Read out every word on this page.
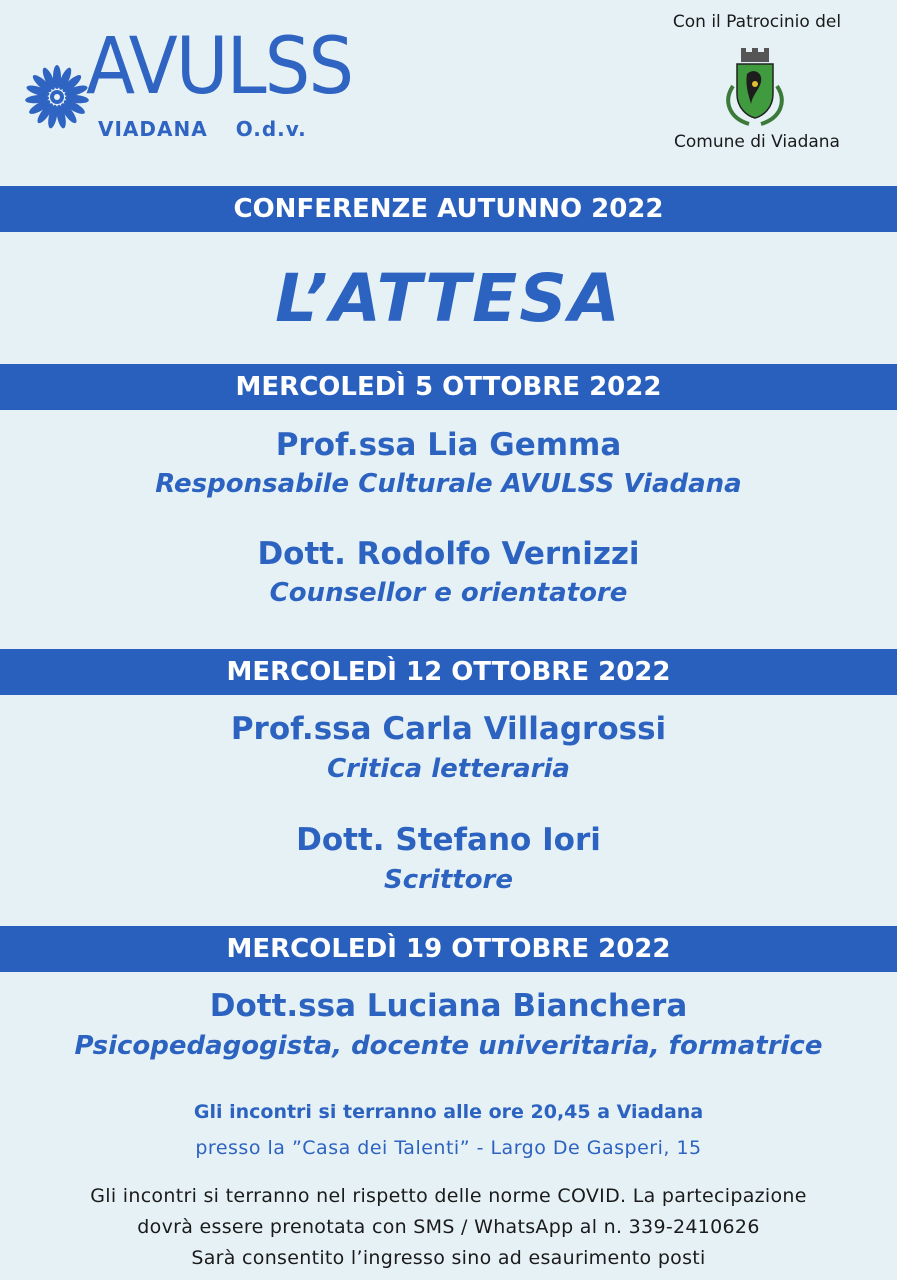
AVULSS
VIADANA O.d.v.
Con il Patrocinio del
Comune di Viadana
CONFERENZE AUTUNNO 2022
L’ATTESA
MERCOLEDÌ 5 OTTOBRE 2022
Prof.ssa Lia Gemma
Responsabile Culturale AVULSS Viadana
Dott. Rodolfo Vernizzi
Counsellor e orientatore
MERCOLEDÌ 12 OTTOBRE 2022
Prof.ssa Carla Villagrossi
Critica letteraria
Dott. Stefano Iori
Scrittore
MERCOLEDÌ 19 OTTOBRE 2022
Dott.ssa Luciana Bianchera
Psicopedagogista, docente univeritaria, formatrice
Gli incontri si terranno alle ore 20,45 a Viadana
presso la ”Casa dei Talenti” - Largo De Gasperi, 15
Gli incontri si terranno nel rispetto delle norme COVID. La partecipazione
dovrà essere prenotata con SMS / WhatsApp al n. 339-2410626
Sarà consentito l’ingresso sino ad esaurimento posti
